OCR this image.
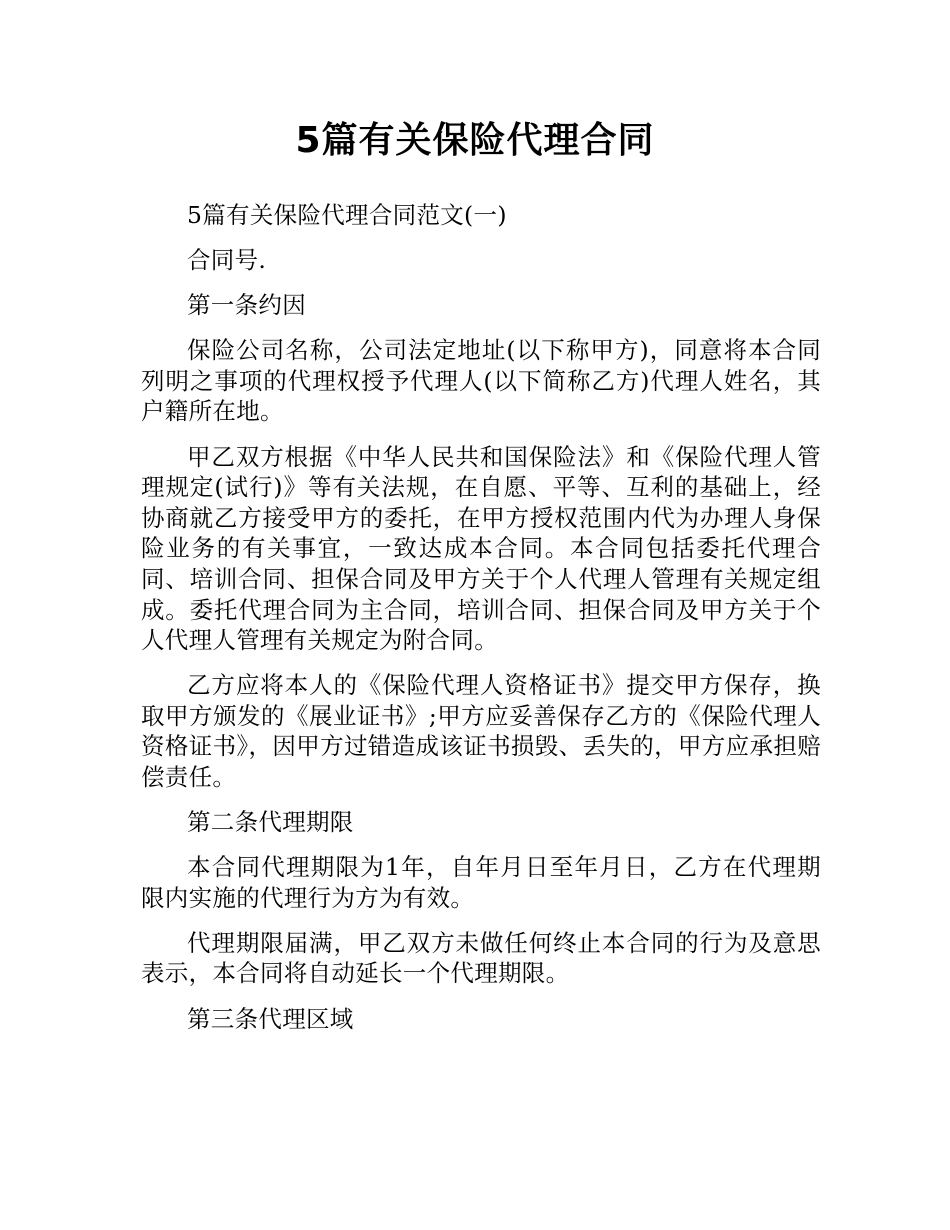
5篇有关保险代理合同

5篇有关保险代理合同范文(一)

合同号.

第一条约因

保险公司名称，公司法定地址(以下称甲方)，同意将本合同列明之事项的代理权授予代理人(以下简称乙方)代理人姓名，其户籍所在地。

甲乙双方根据《中华人民共和国保险法》和《保险代理人管理规定(试行)》等有关法规，在自愿、平等、互利的基础上，经协商就乙方接受甲方的委托，在甲方授权范围内代为办理人身保险业务的有关事宜，一致达成本合同。本合同包括委托代理合同、培训合同、担保合同及甲方关于个人代理人管理有关规定组成。委托代理合同为主合同，培训合同、担保合同及甲方关于个人代理人管理有关规定为附合同。

乙方应将本人的《保险代理人资格证书》提交甲方保存，换取甲方颁发的《展业证书》;甲方应妥善保存乙方的《保险代理人资格证书》，因甲方过错造成该证书损毁、丢失的，甲方应承担赔偿责任。

第二条代理期限

本合同代理期限为1年，自年月日至年月日，乙方在代理期限内实施的代理行为方为有效。

代理期限届满，甲乙双方未做任何终止本合同的行为及意思表示，本合同将自动延长一个代理期限。

第三条代理区域
